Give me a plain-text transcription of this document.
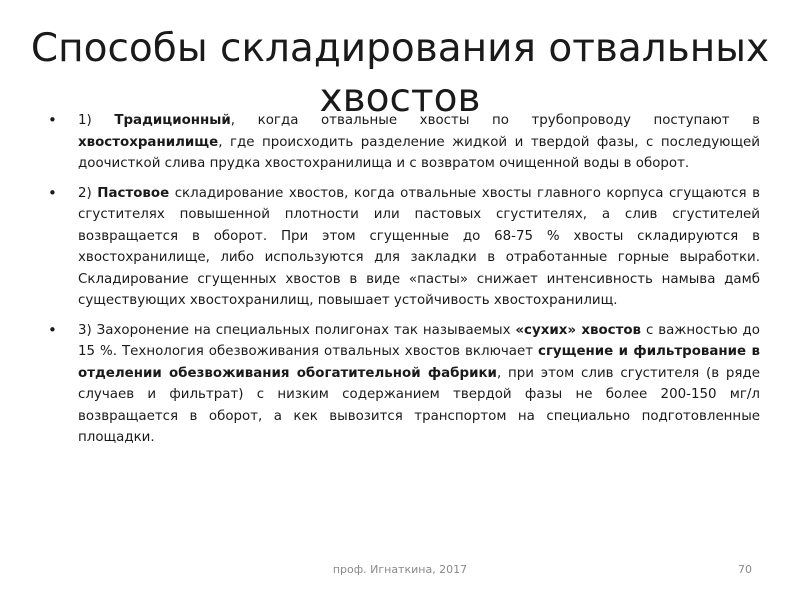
Способы складирования отвальных хвостов

• 1) Традиционный, когда отвальные хвосты по трубопроводу поступают в хвостохранилище, где происходить разделение жидкой и твердой фазы, с последующей доочисткой слива прудка хвостохранилища и с возвратом очищенной воды в оборот.

• 2) Пастовое складирование хвостов, когда отвальные хвосты главного корпуса сгущаются в сгустителях повышенной плотности или пастовых сгустителях, а слив сгустителей возвращается в оборот. При этом сгущенные до 68-75 % хвосты складируются в хвостохранилище, либо используются для закладки в отработанные горные выработки. Складирование сгущенных хвостов в виде «пасты» снижает интенсивность намыва дамб существующих хвостохранилищ, повышает устойчивость хвостохранилищ.

• 3) Захоронение на специальных полигонах так называемых «сухих» хвостов с важностью до 15 %. Технология обезвоживания отвальных хвостов включает сгущение и фильтрование в отделении обезвоживания обогатительной фабрики, при этом слив сгустителя (в ряде случаев и фильтрат) с низким содержанием твердой фазы не более 200-150 мг/л возвращается в оборот, а кек вывозится транспортом на специально подготовленные площадки.

проф. Игнаткина, 2017	70
